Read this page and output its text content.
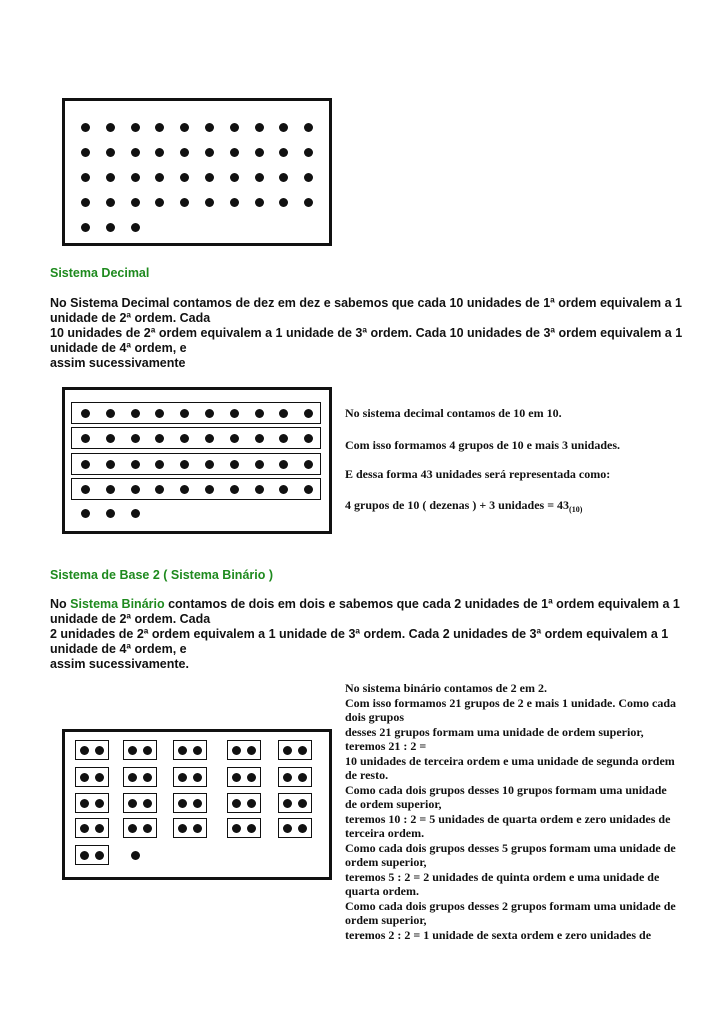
Sistema Decimal
No Sistema Decimal contamos de dez em dez e sabemos que cada 10 unidades de 1ª ordem equivalem a 1
unidade de 2ª ordem. Cada
10 unidades de 2ª ordem equivalem a 1 unidade de 3ª ordem. Cada 10 unidades de 3ª ordem equivalem a 1
unidade de 4ª ordem, e
assim sucessivamente
No sistema decimal contamos de 10 em 10.
Com isso formamos 4 grupos de 10 e mais 3 unidades.
E dessa forma 43 unidades será representada como:
4 grupos de 10 ( dezenas ) + 3 unidades = $43_{(10)}$
Sistema de Base 2 ( Sistema Binário )
No Sistema Binário contamos de dois em dois e sabemos que cada 2 unidades de 1ª ordem equivalem a 1
unidade de 2ª ordem. Cada
2 unidades de 2ª ordem equivalem a 1 unidade de 3ª ordem. Cada 2 unidades de 3ª ordem equivalem a 1
unidade de 4ª ordem, e
assim sucessivamente.
No sistema binário contamos de 2 em 2.
Com isso formamos 21 grupos de 2 e mais 1 unidade. Como cada
dois grupos
desses 21 grupos formam uma unidade de ordem superior,
teremos 21 : 2 =
10 unidades de terceira ordem e uma unidade de segunda ordem
de resto.
Como cada dois grupos desses 10 grupos formam uma unidade
de ordem superior,
teremos 10 : 2 = 5 unidades de quarta ordem e zero unidades de
terceira ordem.
Como cada dois grupos desses 5 grupos formam uma unidade de
ordem superior,
teremos 5 : 2 = 2 unidades de quinta ordem e uma unidade de
quarta ordem.
Como cada dois grupos desses 2 grupos formam uma unidade de
ordem superior,
teremos 2 : 2 = 1 unidade de sexta ordem e zero unidades de
